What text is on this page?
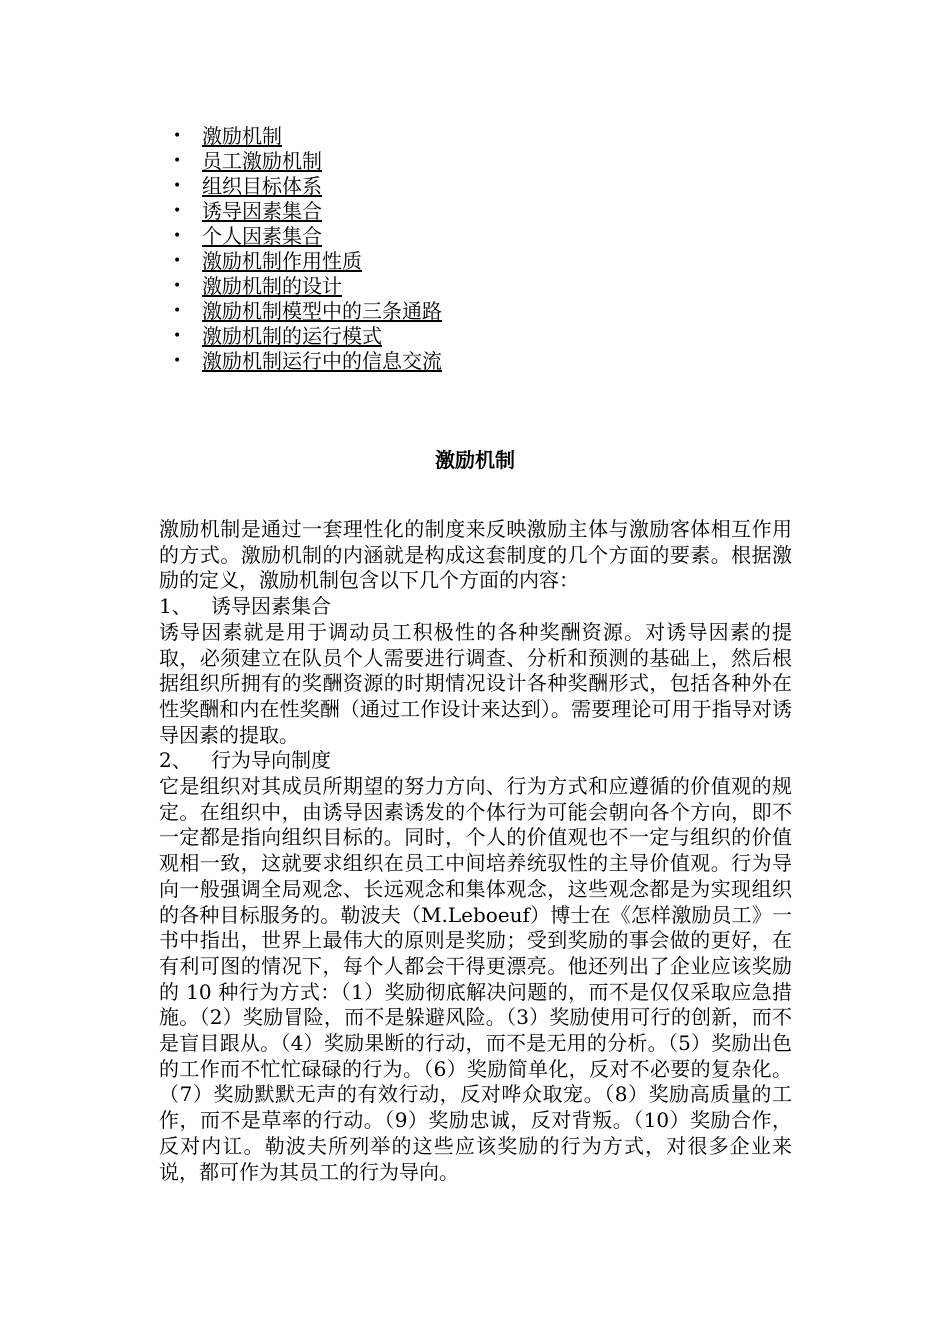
• 激励机制
• 员工激励机制
• 组织目标体系
• 诱导因素集合
• 个人因素集合
• 激励机制作用性质
• 激励机制的设计
• 激励机制模型中的三条通路
• 激励机制的运行模式
• 激励机制运行中的信息交流
激励机制

激励机制是通过一套理性化的制度来反映激励主体与激励客体相互作用的方式。激励机制的内涵就是构成这套制度的几个方面的要素。根据激励的定义，激励机制包含以下几个方面的内容：

1、 诱导因素集合

诱导因素就是用于调动员工积极性的各种奖酬资源。对诱导因素的提取，必须建立在队员个人需要进行调查、分析和预测的基础上，然后根据组织所拥有的奖酬资源的时期情况设计各种奖酬形式，包括各种外在性奖酬和内在性奖酬（通过工作设计来达到）。需要理论可用于指导对诱导因素的提取。

2、 行为导向制度

它是组织对其成员所期望的努力方向、行为方式和应遵循的价值观的规定。在组织中，由诱导因素诱发的个体行为可能会朝向各个方向，即不一定都是指向组织目标的。同时，个人的价值观也不一定与组织的价值观相一致，这就要求组织在员工中间培养统驭性的主导价值观。行为导向一般强调全局观念、长远观念和集体观念，这些观念都是为实现组织的各种目标服务的。勒波夫（M.Leboeuf）博士在《怎样激励员工》一书中指出，世界上最伟大的原则是奖励；受到奖励的事会做的更好，在有利可图的情况下，每个人都会干得更漂亮。他还列出了企业应该奖励的 10 种行为方式：（1）奖励彻底解决问题的，而不是仅仅采取应急措施。（2）奖励冒险，而不是躲避风险。（3）奖励使用可行的创新，而不是盲目跟从。（4）奖励果断的行动，而不是无用的分析。（5）奖励出色的工作而不忙忙碌碌的行为。（6）奖励简单化，反对不必要的复杂化。（7）奖励默默无声的有效行动，反对哗众取宠。（8）奖励高质量的工作，而不是草率的行动。（9）奖励忠诚，反对背叛。（10）奖励合作，反对内讧。勒波夫所列举的这些应该奖励的行为方式，对很多企业来说，都可作为其员工的行为导向。
